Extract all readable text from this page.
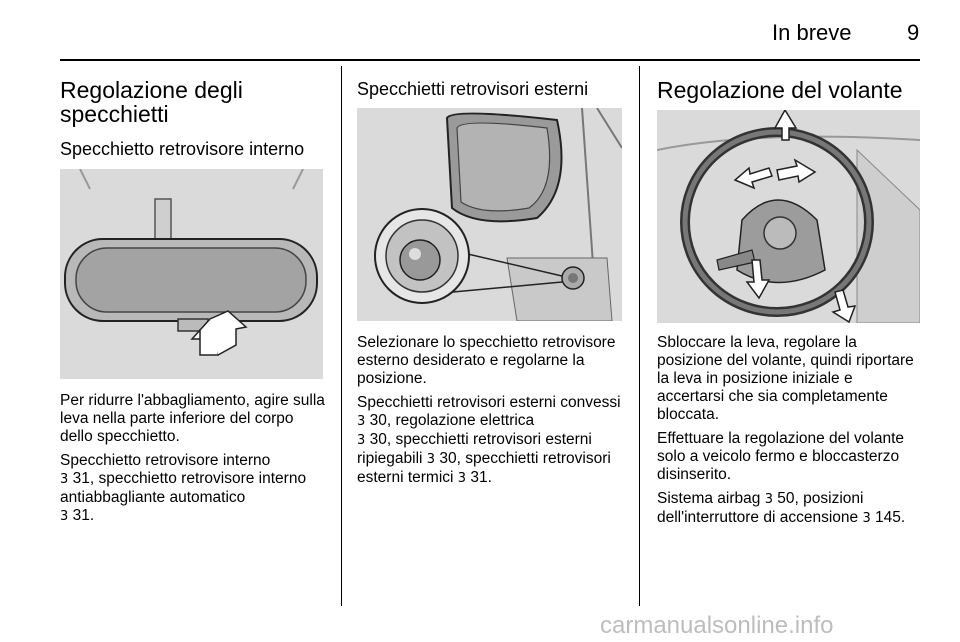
In breve	9
Regolazione degli specchietti
Specchietto retrovisore interno

Per ridurre l'abbagliamento, agire sulla leva nella parte inferiore del corpo dello specchietto.

Specchietto retrovisore interno
3 31, specchietto retrovisore interno antiabbagliante automatico
3 31.

Specchietti retrovisori esterni

Selezionare lo specchietto retrovisore esterno desiderato e regolarne la posizione.

Specchietti retrovisori esterni convessi 3 30, regolazione elettrica
3 30, specchietti retrovisori esterni ripiegabili 3 30, specchietti retrovisori esterni termici 3 31.

Regolazione del volante

Sbloccare la leva, regolare la posizione del volante, quindi riportare la leva in posizione iniziale e accertarsi che sia completamente bloccata.

Effettuare la regolazione del volante solo a veicolo fermo e bloccasterzo disinserito.

Sistema airbag 3 50, posizioni dell'interruttore di accensione 3 145.

carmanualsonline.info
